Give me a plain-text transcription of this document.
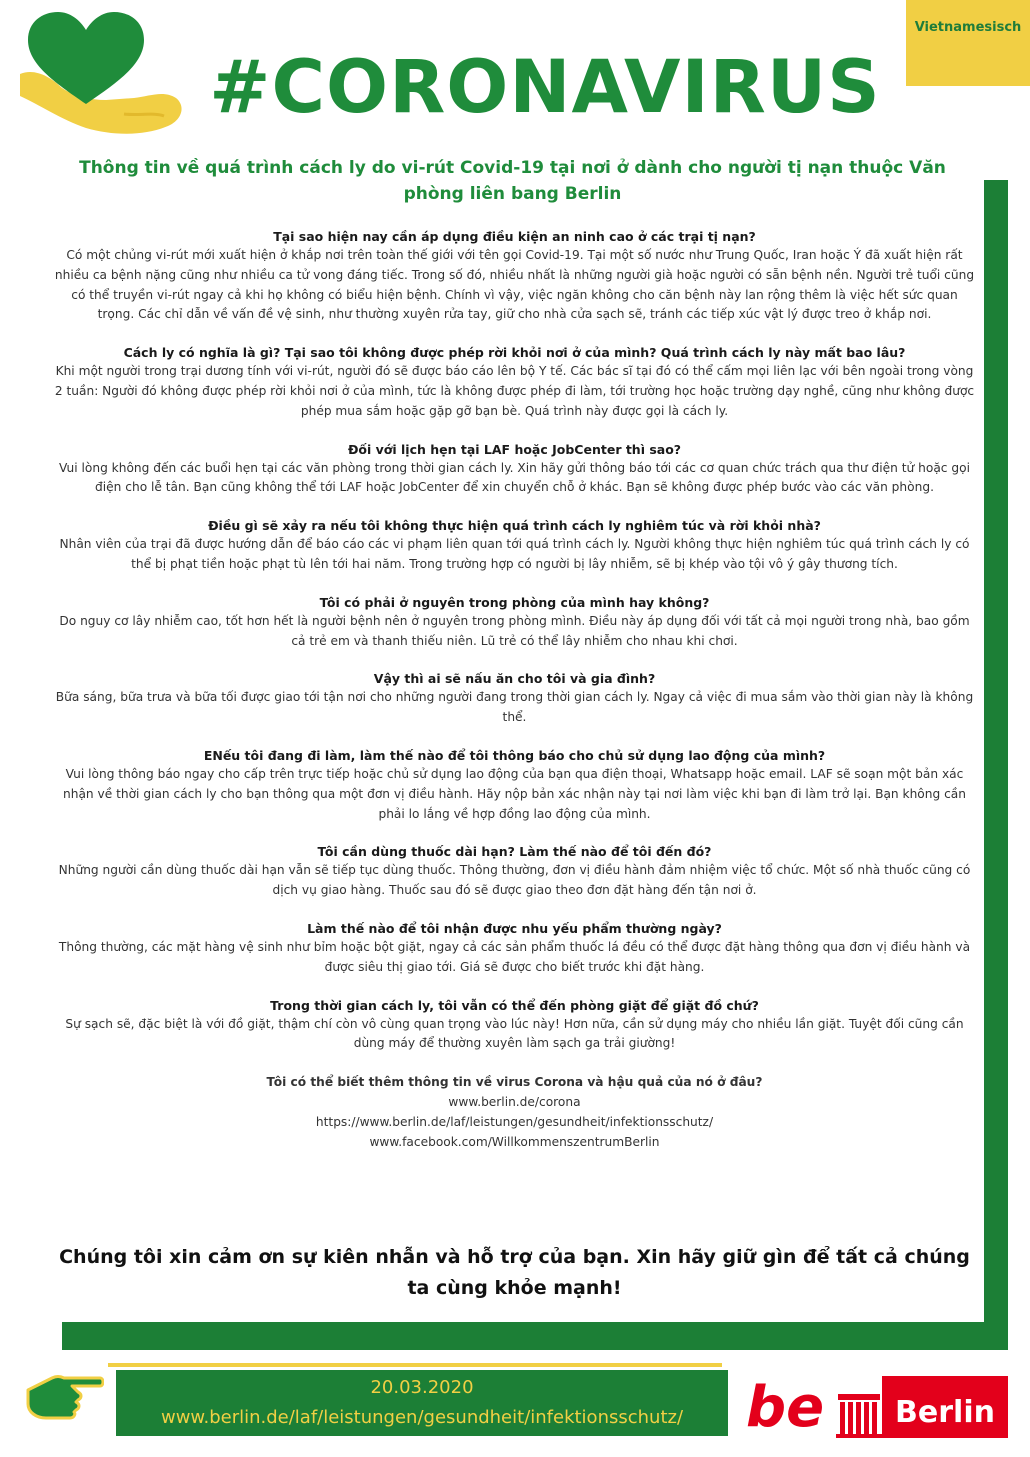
Vietnamesisch
#CORONAVIRUS
Thông tin về quá trình cách ly do vi-rút Covid-19 tại nơi ở dành cho người tị nạn thuộc Văn phòng liên bang Berlin
Tại sao hiện nay cần áp dụng điều kiện an ninh cao ở các trại tị nạn?
Có một chủng vi-rút mới xuất hiện ở khắp nơi trên toàn thế giới với tên gọi Covid-19. Tại một số nước như Trung Quốc, Iran hoặc Ý đã xuất hiện rất nhiều ca bệnh nặng cũng như nhiều ca tử vong đáng tiếc. Trong số đó, nhiều nhất là những người già hoặc người có sẵn bệnh nền. Người trẻ tuổi cũng có thể truyền vi-rút ngay cả khi họ không có biểu hiện bệnh. Chính vì vậy, việc ngăn không cho căn bệnh này lan rộng thêm là việc hết sức quan trọng. Các chỉ dẫn về vấn đề vệ sinh, như thường xuyên rửa tay, giữ cho nhà cửa sạch sẽ, tránh các tiếp xúc vật lý được treo ở khắp nơi.
Cách ly có nghĩa là gì? Tại sao tôi không được phép rời khỏi nơi ở của mình? Quá trình cách ly này mất bao lâu?
Khi một người trong trại dương tính với vi-rút, người đó sẽ được báo cáo lên bộ Y tế. Các bác sĩ tại đó có thể cấm mọi liên lạc với bên ngoài trong vòng 2 tuần: Người đó không được phép rời khỏi nơi ở của mình, tức là không được phép đi làm, tới trường học hoặc trường dạy nghề, cũng như không được phép mua sắm hoặc gặp gỡ bạn bè. Quá trình này được gọi là cách ly.
Đối với lịch hẹn tại LAF hoặc JobCenter thì sao?
Vui lòng không đến các buổi hẹn tại các văn phòng trong thời gian cách ly. Xin hãy gửi thông báo tới các cơ quan chức trách qua thư điện tử hoặc gọi điện cho lễ tân. Bạn cũng không thể tới LAF hoặc JobCenter để xin chuyển chỗ ở khác. Bạn sẽ không được phép bước vào các văn phòng.
Điều gì sẽ xảy ra nếu tôi không thực hiện quá trình cách ly nghiêm túc và rời khỏi nhà?
Nhân viên của trại đã được hướng dẫn để báo cáo các vi phạm liên quan tới quá trình cách ly. Người không thực hiện nghiêm túc quá trình cách ly có thể bị phạt tiền hoặc phạt tù lên tới hai năm. Trong trường hợp có người bị lây nhiễm, sẽ bị khép vào tội vô ý gây thương tích.
Tôi có phải ở nguyên trong phòng của mình hay không?
Do nguy cơ lây nhiễm cao, tốt hơn hết là người bệnh nên ở nguyên trong phòng mình. Điều này áp dụng đối với tất cả mọi người trong nhà, bao gồm cả trẻ em và thanh thiếu niên. Lũ trẻ có thể lây nhiễm cho nhau khi chơi.
Vậy thì ai sẽ nấu ăn cho tôi và gia đình?
Bữa sáng, bữa trưa và bữa tối được giao tới tận nơi cho những người đang trong thời gian cách ly. Ngay cả việc đi mua sắm vào thời gian này là không thể.
ENếu tôi đang đi làm, làm thế nào để tôi thông báo cho chủ sử dụng lao động của mình?
Vui lòng thông báo ngay cho cấp trên trực tiếp hoặc chủ sử dụng lao động của bạn qua điện thoại, Whatsapp hoặc email. LAF sẽ soạn một bản xác nhận về thời gian cách ly cho bạn thông qua một đơn vị điều hành. Hãy nộp bản xác nhận này tại nơi làm việc khi bạn đi làm trở lại. Bạn không cần phải lo lắng về hợp đồng lao động của mình.
Tôi cần dùng thuốc dài hạn? Làm thế nào để tôi đến đó?
Những người cần dùng thuốc dài hạn vẫn sẽ tiếp tục dùng thuốc. Thông thường, đơn vị điều hành đảm nhiệm việc tổ chức. Một số nhà thuốc cũng có dịch vụ giao hàng. Thuốc sau đó sẽ được giao theo đơn đặt hàng đến tận nơi ở.
Làm thế nào để tôi nhận được nhu yếu phẩm thường ngày?
Thông thường, các mặt hàng vệ sinh như bỉm hoặc bột giặt, ngay cả các sản phẩm thuốc lá đều có thể được đặt hàng thông qua đơn vị điều hành và được siêu thị giao tới. Giá sẽ được cho biết trước khi đặt hàng.
Trong thời gian cách ly, tôi vẫn có thể đến phòng giặt để giặt đồ chứ?
Sự sạch sẽ, đặc biệt là với đồ giặt, thậm chí còn vô cùng quan trọng vào lúc này! Hơn nữa, cần sử dụng máy cho nhiều lần giặt. Tuyệt đối cũng cần dùng máy để thường xuyên làm sạch ga trải giường!
Tôi có thể biết thêm thông tin về virus Corona và hậu quả của nó ở đâu?
www.berlin.de/corona
https://www.berlin.de/laf/leistungen/gesundheit/infektionsschutz/
www.facebook.com/WillkommenszentrumBerlin
Chúng tôi xin cảm ơn sự kiên nhẫn và hỗ trợ của bạn. Xin hãy giữ gìn để tất cả chúng ta cùng khỏe mạnh!
20.03.2020
www.berlin.de/laf/leistungen/gesundheit/infektionsschutz/	be Berlin
